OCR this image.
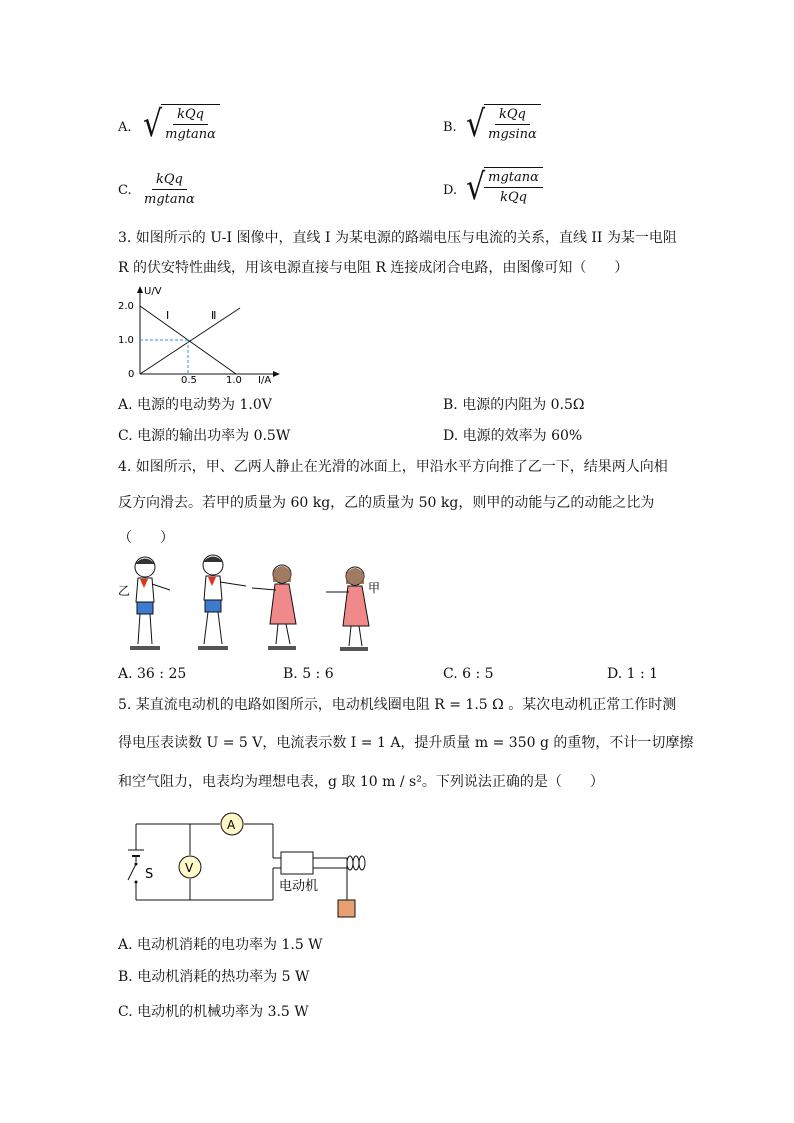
A. √ $\frac{\text{kQq}}{mgtan\alpha}$	B. √ $\frac{\text{kQq}}{mgsin\alpha}$
C. $\frac{\text{kQq}}{mgtan\alpha}$	D. √ $\frac{mgtan\alpha}{\text{kQq}}$
3. 如图所示的 U-I 图像中，直线 I 为某电源的路端电压与电流的关系，直线 II 为某一电阻
R 的伏安特性曲线，用该电源直接与电阻 R 连接成闭合电路，由图像可知（　　）
U/V
I/A
2.0
1.0
0
0.5	1.0
I	Ⅱ
A. 电源的电动势为 1.0V	B. 电源的内阻为 0.5Ω
C. 电源的输出功率为 0.5W	D. 电源的效率为 60%
4. 如图所示，甲、乙两人静止在光滑的冰面上，甲沿水平方向推了乙一下，结果两人向相
反方向滑去。若甲的质量为 60 kg，乙的质量为 50 kg，则甲的动能与乙的动能之比为
（　　）
乙	甲
A. 36 : 25	B. 5 : 6	C. 6 : 5	D. 1 : 1
5. 某直流电动机的电路如图所示，电动机线圈电阻 R = 1.5 Ω 。某次电动机正常工作时测
得电压表读数 U = 5 V，电流表示数 I = 1 A，提升质量 m = 350 g 的重物，不计一切摩擦
和空气阻力，电表均为理想电表，g 取 10 m / s²。下列说法正确的是（　　）
S
A
V
电动机
A. 电动机消耗的电功率为 1.5 W
B. 电动机消耗的热功率为 5 W
C. 电动机的机械功率为 3.5 W
